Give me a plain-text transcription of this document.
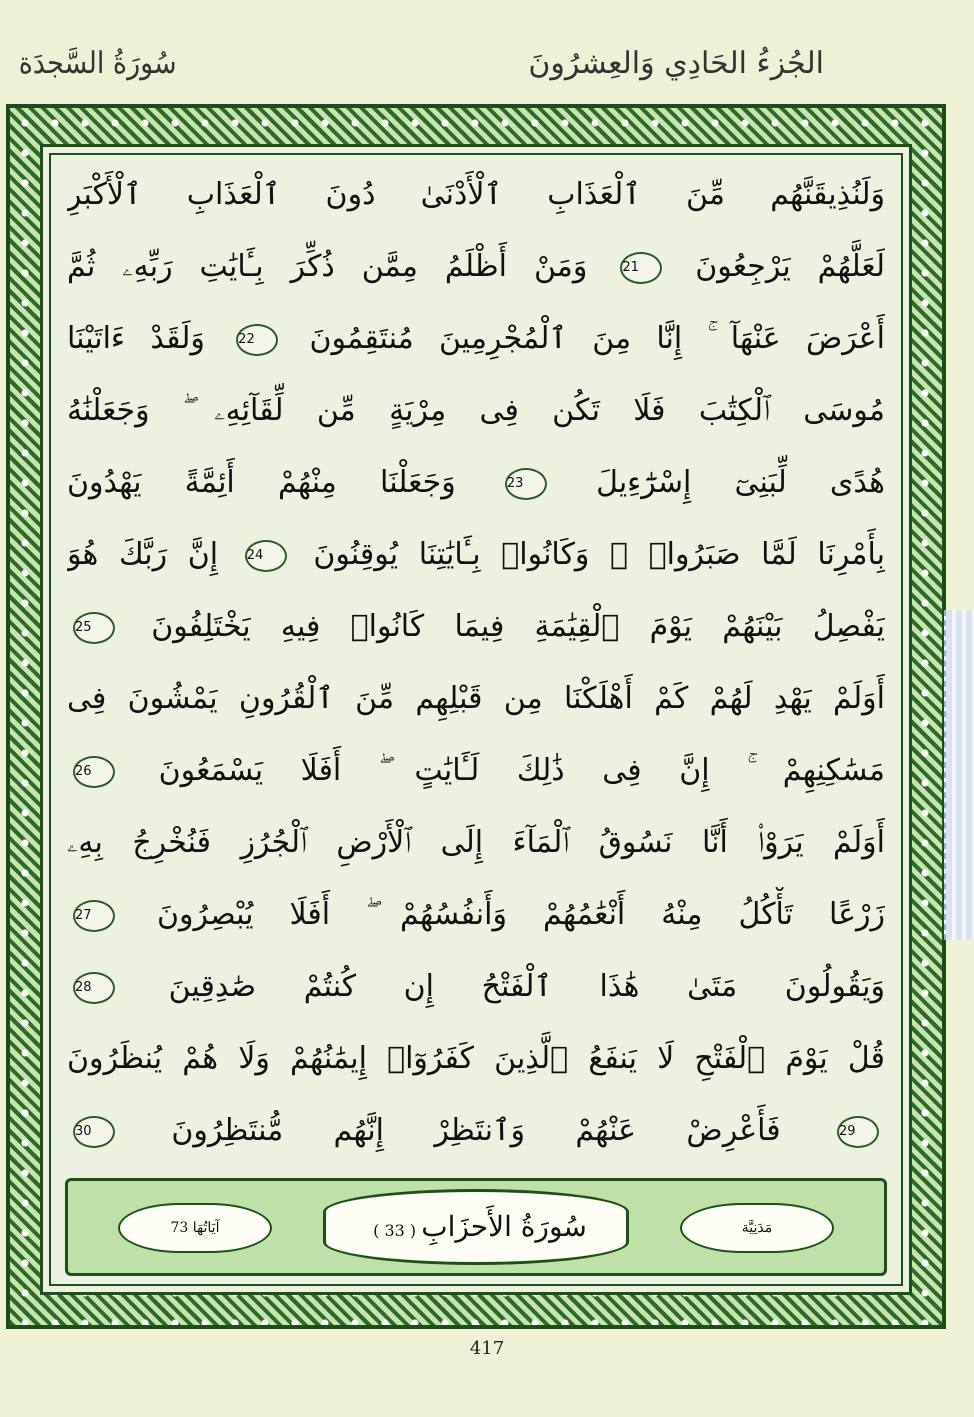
سُورَةُ السَّجدَة	الجُزءُ الحَادِي وَالعِشرُونَ
وَلَنُذِيقَنَّهُم مِّنَ ٱلْعَذَابِ ٱلْأَدْنَىٰ دُونَ ٱلْعَذَابِ ٱلْأَكْبَرِ
لَعَلَّهُمْ يَرْجِعُونَ 21 وَمَنْ أَظْلَمُ مِمَّن ذُكِّرَ بِـَٔايَٰتِ رَبِّهِۦ ثُمَّ
أَعْرَضَ عَنْهَآ ۚ إِنَّا مِنَ ٱلْمُجْرِمِينَ مُنتَقِمُونَ 22 وَلَقَدْ ءَاتَيْنَا
مُوسَى ٱلْكِتَٰبَ فَلَا تَكُن فِى مِرْيَةٍ مِّن لِّقَآئِهِۦ ۖ وَجَعَلْنَٰهُ
هُدًى لِّبَنِىٓ إِسْرَٰٓءِيلَ 23 وَجَعَلْنَا مِنْهُمْ أَئِمَّةً يَهْدُونَ
بِأَمْرِنَا لَمَّا صَبَرُوا۟ ۖ وَكَانُوا۟ بِـَٔايَٰتِنَا يُوقِنُونَ 24 إِنَّ رَبَّكَ هُوَ
يَفْصِلُ بَيْنَهُمْ يَوْمَ ٱلْقِيَٰمَةِ فِيمَا كَانُوا۟ فِيهِ يَخْتَلِفُونَ 25
أَوَلَمْ يَهْدِ لَهُمْ كَمْ أَهْلَكْنَا مِن قَبْلِهِم مِّنَ ٱلْقُرُونِ يَمْشُونَ فِى
مَسَٰكِنِهِمْ ۚ إِنَّ فِى ذَٰلِكَ لَـَٔايَٰتٍ ۖ أَفَلَا يَسْمَعُونَ 26
أَوَلَمْ يَرَوْا۟ أَنَّا نَسُوقُ ٱلْمَآءَ إِلَى ٱلْأَرْضِ ٱلْجُرُزِ فَنُخْرِجُ بِهِۦ
زَرْعًا تَأْكُلُ مِنْهُ أَنْعَٰمُهُمْ وَأَنفُسُهُمْ ۖ أَفَلَا يُبْصِرُونَ 27
وَيَقُولُونَ مَتَىٰ هَٰذَا ٱلْفَتْحُ إِن كُنتُمْ صَٰدِقِينَ 28
قُلْ يَوْمَ ٱلْفَتْحِ لَا يَنفَعُ ٱلَّذِينَ كَفَرُوٓا۟ إِيمَٰنُهُمْ وَلَا هُمْ يُنظَرُونَ
29 فَأَعْرِضْ عَنْهُمْ وَٱنتَظِرْ إِنَّهُم مُّنتَظِرُونَ 30
مَدَنِيَّة
سُورَةُ الأَحزَابِ ( 33 )
آيَاتُهَا 73
417
